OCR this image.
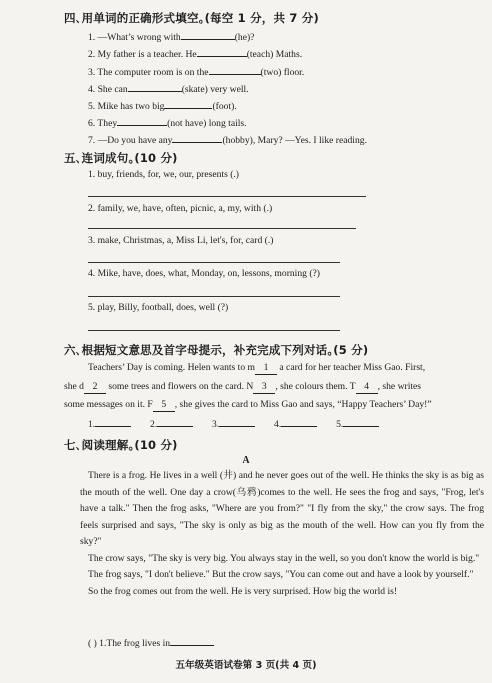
四､用单词的正确形式填空｡(每空 1 分，共 7 分)
1. —What’s wrong with	(he)?
2. My father is a teacher. He	(teach) Maths.
3. The computer room is on the	(two) floor.
4. She can	(skate) very well.
5. Mike has two big	(foot).
6. They	(not have) long tails.
7. —Do you have any	(hobby), Mary? —Yes. I like reading.
五､连词成句｡(10 分)
1. buy, friends, for, we, our, presents (.)
2. family, we, have, often, picnic, a, my, with (.)
3. make, Christmas, a, Miss Li, let's, for, card (.)
4. Mike, have, does, what, Monday, on, lessons, morning (?)
5. play, Billy, football, does, well (?)
六､根据短文意思及首字母提示，补充完成下列对话｡(5 分)
Teachers’ Day is coming. Helen wants to m 1 a card for her teacher Miss Gao. First,
she d 2 some trees and flowers on the card. N 3 , she colours them. T 4 , she writes
some messages on it. F 5 , she gives the card to Miss Gao and says, “Happy Teachers’ Day!”
1.	2.	3.	4.	5.
七､阅读理解｡(10 分)
A

There is a frog. He lives in a well (井) and he never goes out of the well. He thinks the sky is as big as the mouth of the well. One day a crow(乌鸦)comes to the well. He sees the frog and says, "Frog, let's have a talk." Then the frog asks, "Where are you from?" "I fly from the sky," the crow says. The frog feels surprised and says, "The sky is only as big as the mouth of the well. How can you fly from the sky?"

The crow says, "The sky is very big. You always stay in the well, so you don't know the world is big."

The frog says, "I don't believe." But the crow says, "You can come out and have a look by yourself."

So the frog comes out from the well. He is very surprised. How big the world is!

( ) 1.The frog lives in
五年级英语试卷第 3 页(共 4 页)
